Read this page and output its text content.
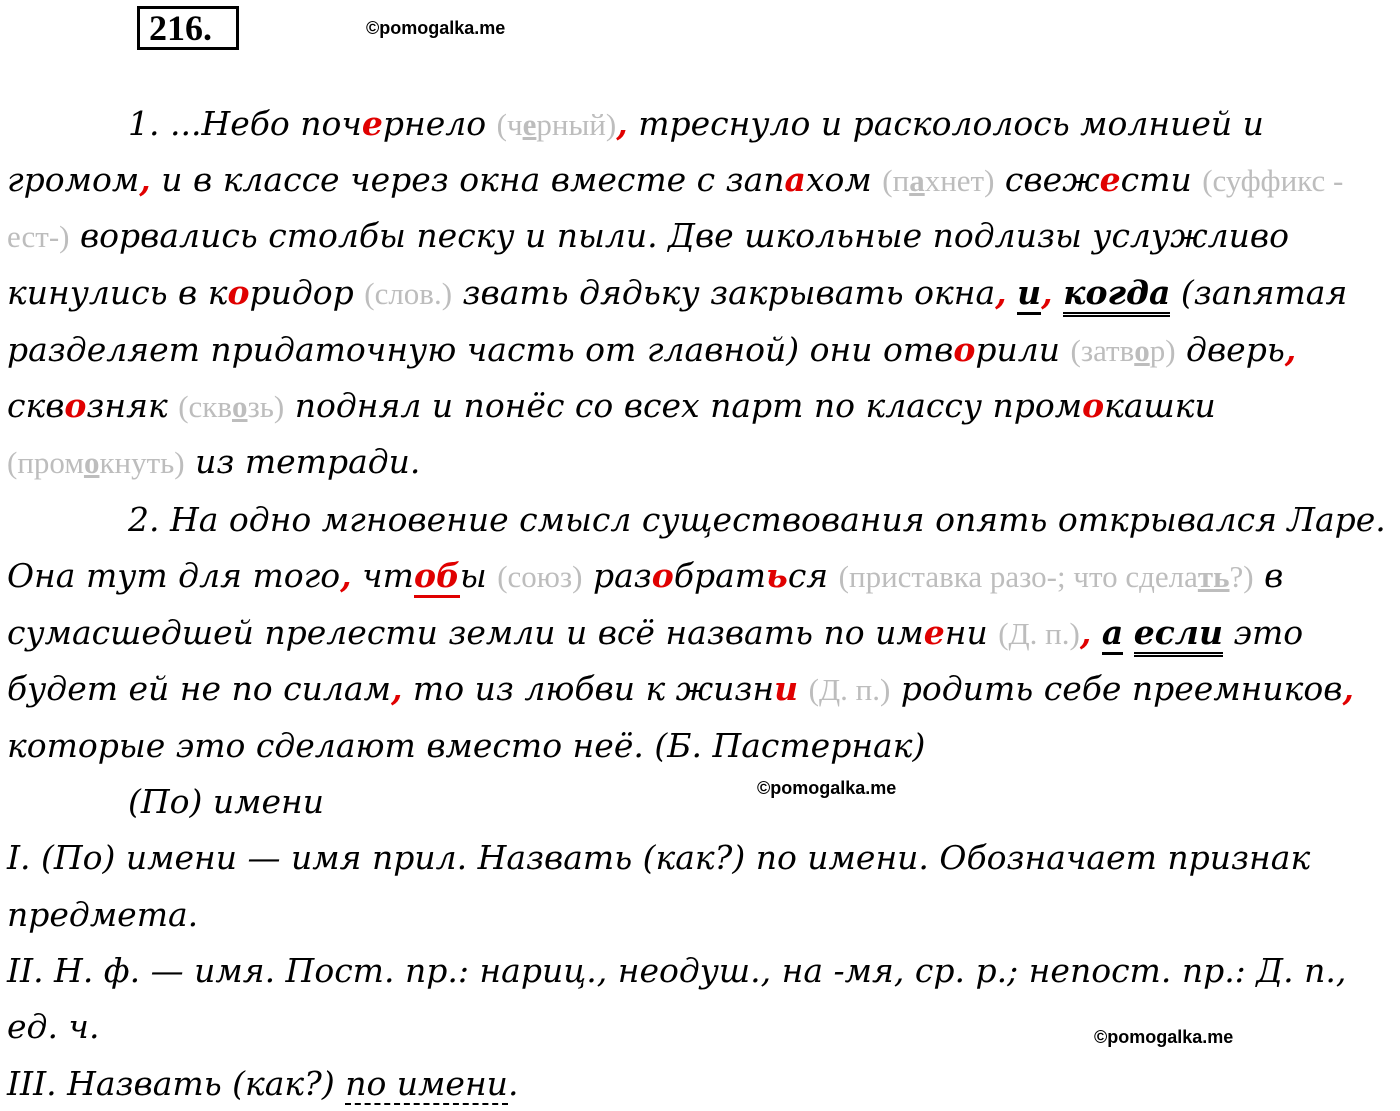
216.	©pomogalka.me
1. ...Небо почернело (черный), треснуло и раскололось молнией и
громом, и в классе через окна вместе с запахом (пахнет) свежести (суффикс -
ест-) ворвались столбы песку и пыли. Две школьные подлизы услужливо
кинулись в коридор (слов.) звать дядьку закрывать окна, и, когда (запятая
разделяет придаточную часть от главной) они отворили (затвор) дверь,
сквозняк (сквозь) поднял и понёс со всех парт по классу промокашки
(промокнуть) из тетради.
2. На одно мгновение смысл существования опять открывался Ларе.
Она тут для того, чтобы (союз) разобраться (приставка разо-; что сделать?) в
сумасшедшей прелести земли и всё назвать по имени (Д. п.), а если это
будет ей не по силам, то из любви к жизни (Д. п.) родить себе преемников,
которые это сделают вместо неё. (Б. Пастернак)
(По) имени	©pomogalka.me
I. (По) имени — имя прил. Назвать (как?) по имени. Обозначает признак
предмета.
II. Н. ф. — имя. Пост. пр.: нариц., неодуш., на -мя, ср. р.; непост. пр.: Д. п.,
ед. ч.	©pomogalka.me
III. Назвать (как?) по имени.
